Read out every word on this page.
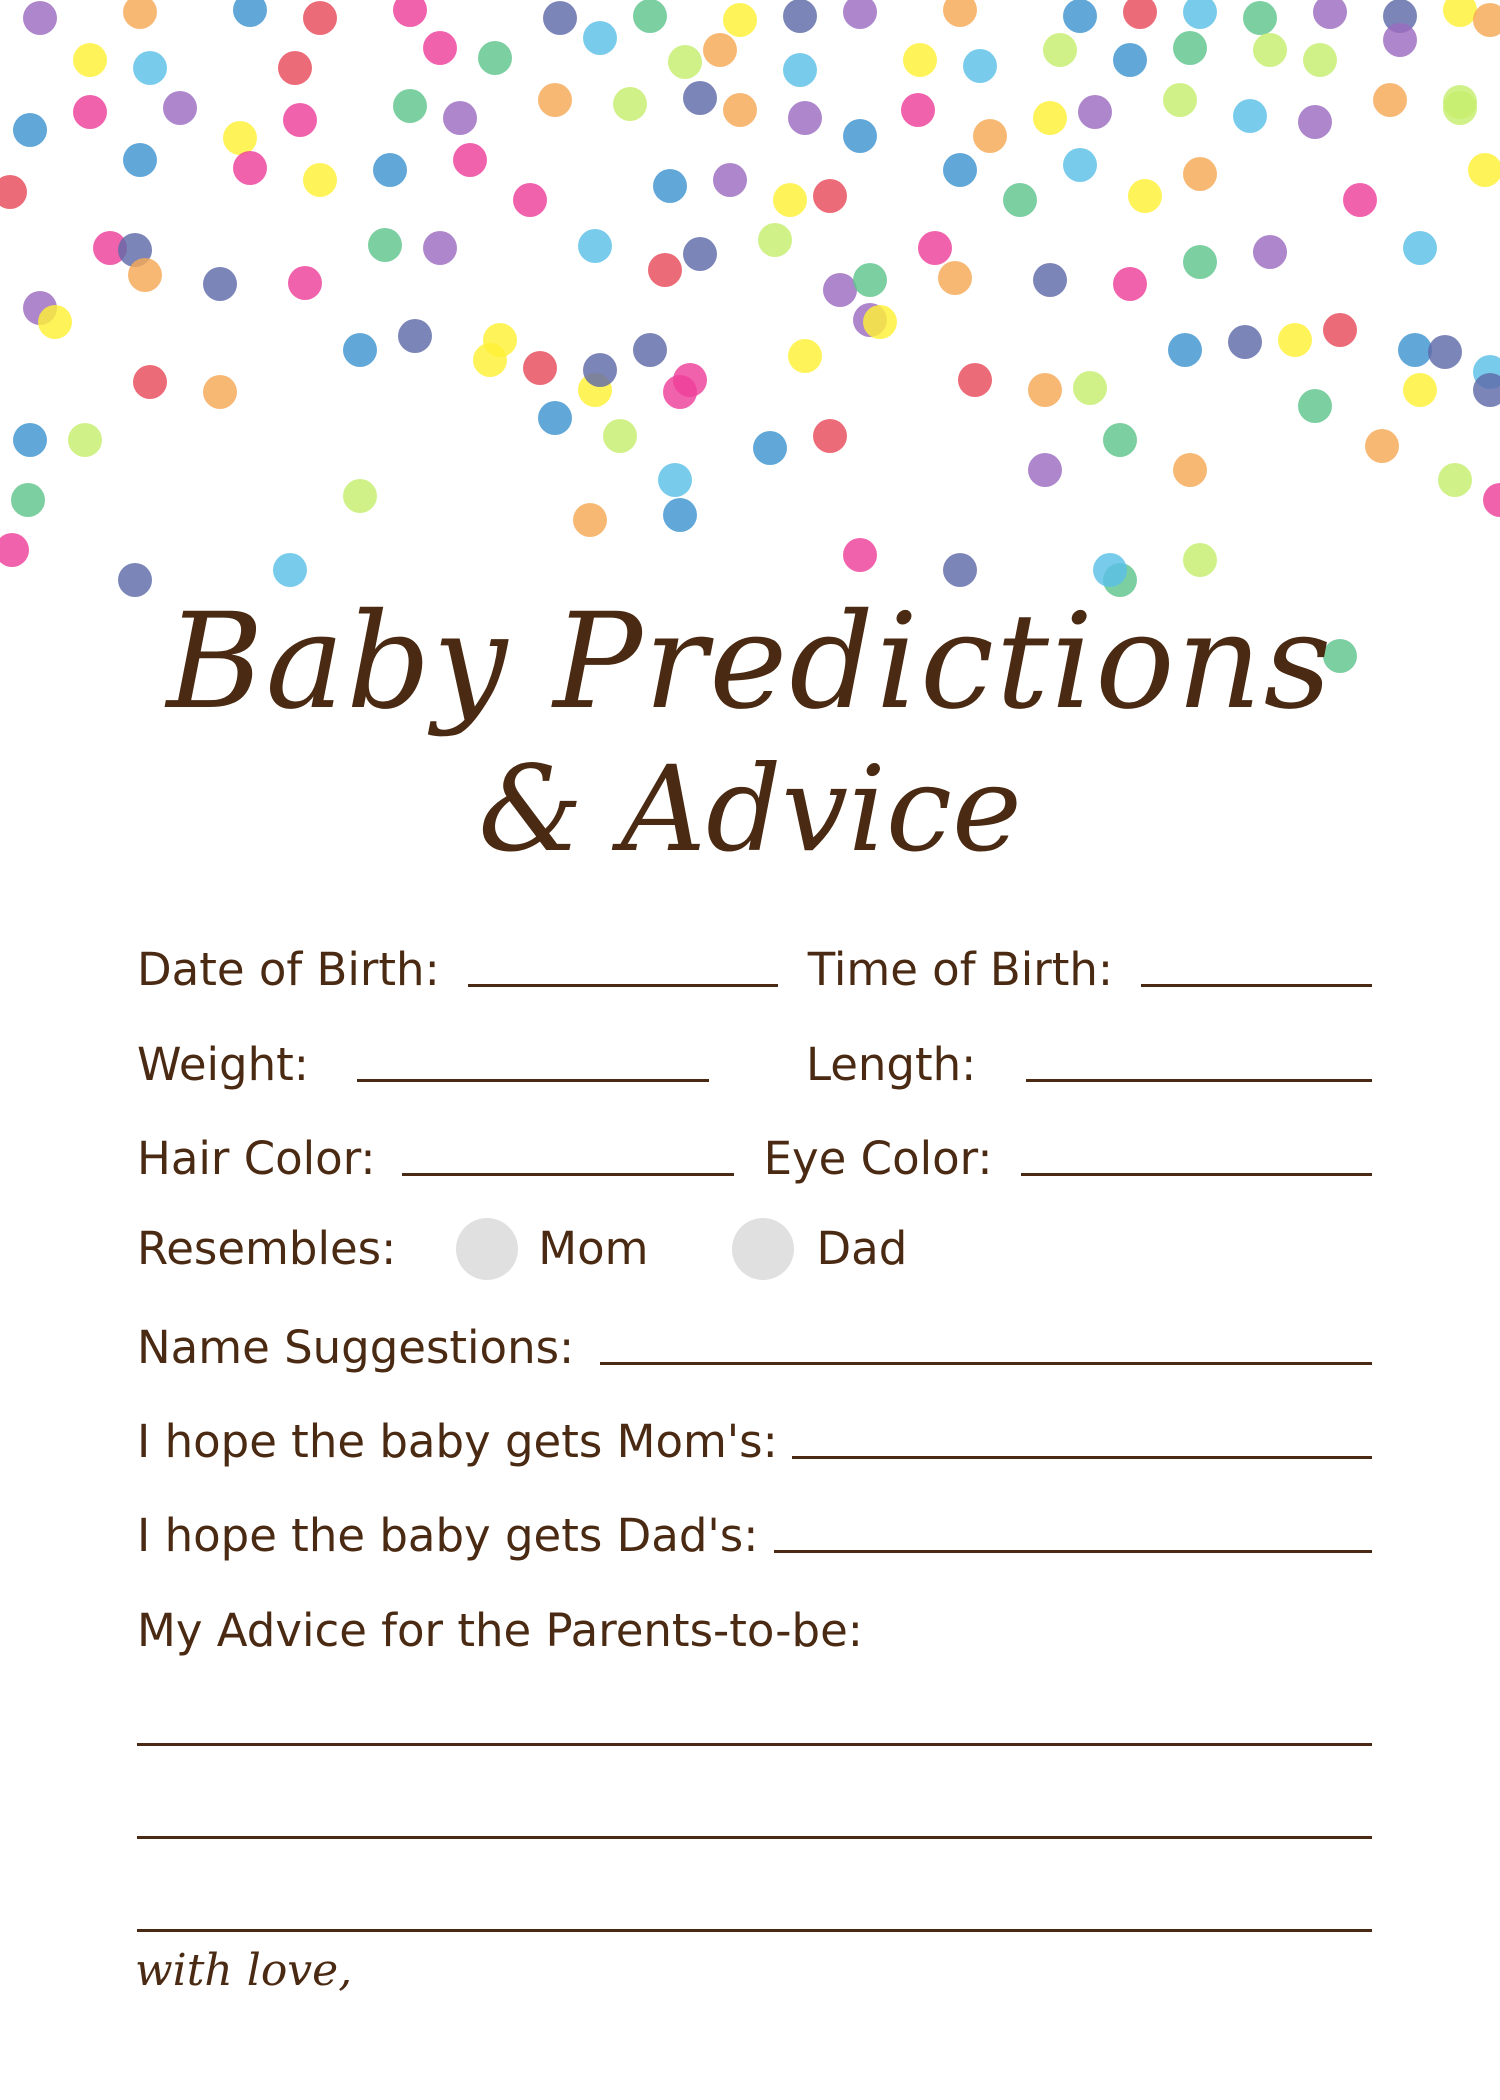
Baby Predictions
& Advice
Date of Birth:	Time of Birth:
Weight:	Length:
Hair Color:	Eye Color:
Resembles:	Mom	Dad
Name Suggestions:
I hope the baby gets Mom's:
I hope the baby gets Dad's:
My Advice for the Parents-to-be:
with love,
